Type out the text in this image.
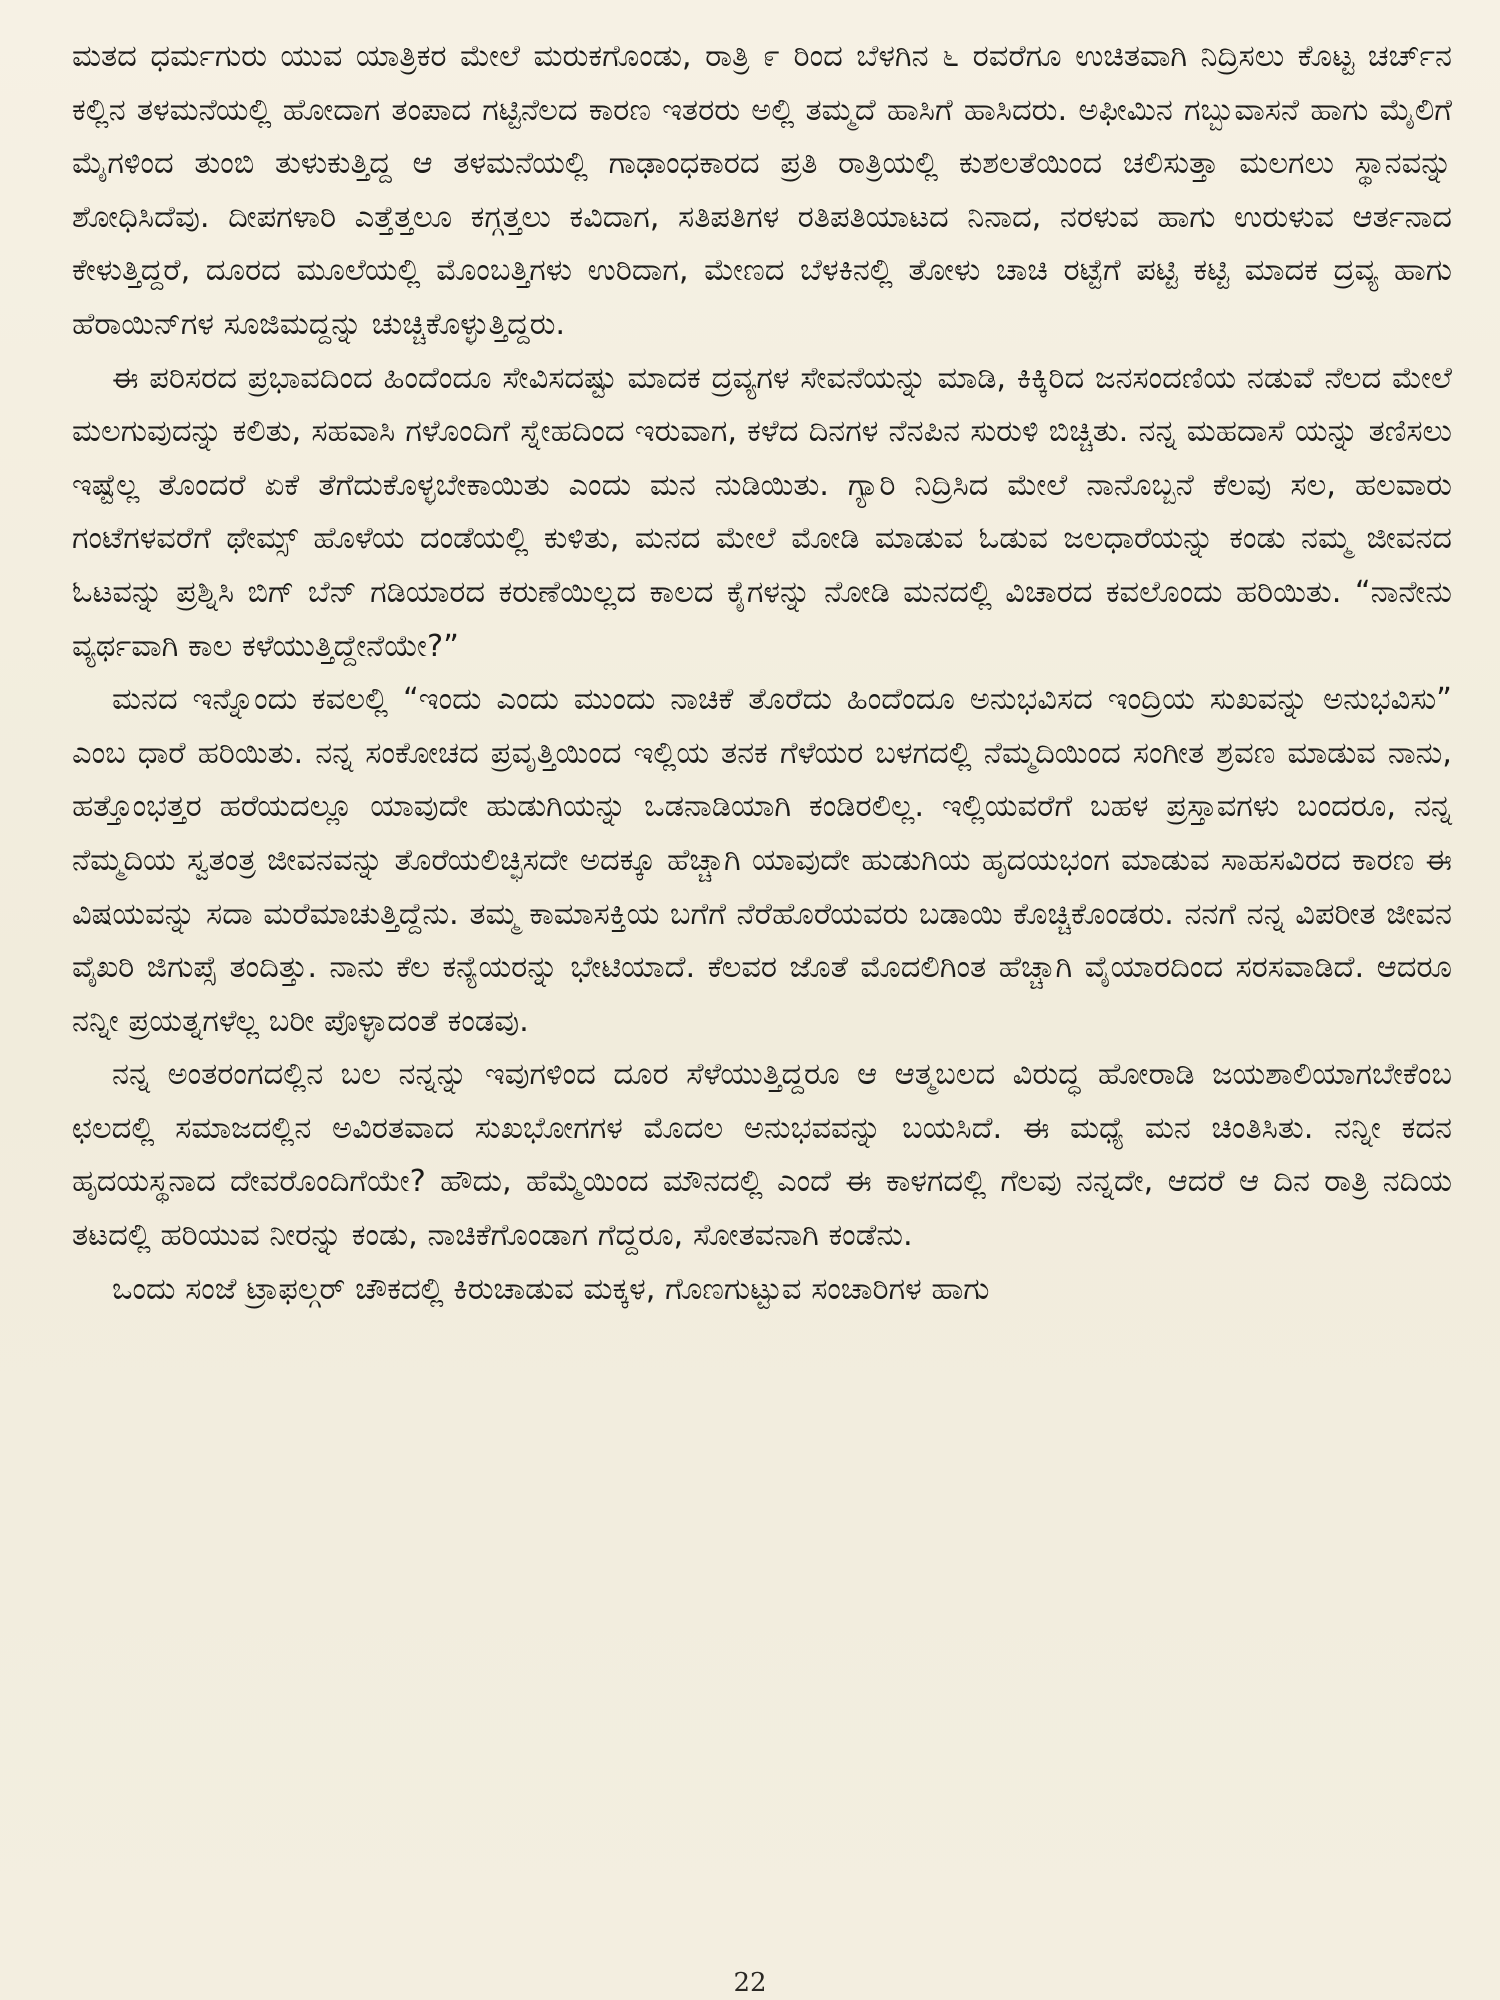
ಮತದ ಧರ್ಮಗುರು ಯುವ ಯಾತ್ರಿಕರ ಮೇಲೆ ಮರುಕಗೊಂಡು, ರಾತ್ರಿ ೯ ರಿಂದ ಬೆಳಗಿನ ೬ ರವರೆಗೂ ಉಚಿತವಾಗಿ ನಿದ್ರಿಸಲು ಕೊಟ್ಟ ಚರ್ಚ್‌ನ ಕಲ್ಲಿನ ತಳಮನೆಯಲ್ಲಿ ಹೋದಾಗ ತಂಪಾದ ಗಟ್ಟಿನೆಲದ ಕಾರಣ ಇತರರು ಅಲ್ಲಿ ತಮ್ಮದೆ ಹಾಸಿಗೆ ಹಾಸಿದರು. ಅಫೀಮಿನ ಗಬ್ಬುವಾಸನೆ ಹಾಗು ಮೈಲಿಗೆ ಮೈಗಳಿಂದ ತುಂಬಿ ತುಳುಕುತ್ತಿದ್ದ ಆ ತಳಮನೆಯಲ್ಲಿ ಗಾಢಾಂಧಕಾರದ ಪ್ರತಿ ರಾತ್ರಿಯಲ್ಲಿ ಕುಶಲತೆಯಿಂದ ಚಲಿಸುತ್ತಾ ಮಲಗಲು ಸ್ಥಾನವನ್ನು ಶೋಧಿಸಿದೆವು. ದೀಪಗಳಾರಿ ಎತ್ತೆತ್ತಲೂ ಕಗ್ಗತ್ತಲು ಕವಿದಾಗ, ಸತಿಪತಿಗಳ ರತಿಪತಿಯಾಟದ ನಿನಾದ, ನರಳುವ ಹಾಗು ಉರುಳುವ ಆರ್ತನಾದ ಕೇಳುತ್ತಿದ್ದರೆ, ದೂರದ ಮೂಲೆಯಲ್ಲಿ ಮೊಂಬತ್ತಿಗಳು ಉರಿದಾಗ, ಮೇಣದ ಬೆಳಕಿನಲ್ಲಿ ತೋಳು ಚಾಚಿ ರಟ್ಟೆಗೆ ಪಟ್ಟಿ ಕಟ್ಟಿ ಮಾದಕ ದ್ರವ್ಯ ಹಾಗು ಹೆರಾಯಿನ್‌ಗಳ ಸೂಜಿಮದ್ದನ್ನು ಚುಚ್ಚಿಕೊಳ್ಳುತ್ತಿದ್ದರು.

ಈ ಪರಿಸರದ ಪ್ರಭಾವದಿಂದ ಹಿಂದೆಂದೂ ಸೇವಿಸದಷ್ಟು ಮಾದಕ ದ್ರವ್ಯಗಳ ಸೇವನೆಯನ್ನು ಮಾಡಿ, ಕಿಕ್ಕಿರಿದ ಜನಸಂದಣಿಯ ನಡುವೆ ನೆಲದ ಮೇಲೆ ಮಲಗುವುದನ್ನು ಕಲಿತು, ಸಹವಾಸಿ ಗಳೊಂದಿಗೆ ಸ್ನೇಹದಿಂದ ಇರುವಾಗ, ಕಳೆದ ದಿನಗಳ ನೆನಪಿನ ಸುರುಳಿ ಬಿಚ್ಚಿತು. ನನ್ನ ಮಹದಾಸೆ ಯನ್ನು ತಣಿಸಲು ಇಷ್ಟೆಲ್ಲ ತೊಂದರೆ ಏಕೆ ತೆಗೆದುಕೊಳ್ಳಬೇಕಾಯಿತು ಎಂದು ಮನ ನುಡಿಯಿತು. ಗ್ಯಾರಿ ನಿದ್ರಿಸಿದ ಮೇಲೆ ನಾನೊಬ್ಬನೆ ಕೆಲವು ಸಲ, ಹಲವಾರು ಗಂಟೆಗಳವರೆಗೆ ಥೇಮ್ಸ್ ಹೊಳೆಯ ದಂಡೆಯಲ್ಲಿ ಕುಳಿತು, ಮನದ ಮೇಲೆ ಮೋಡಿ ಮಾಡುವ ಓಡುವ ಜಲಧಾರೆಯನ್ನು ಕಂಡು ನಮ್ಮ ಜೀವನದ ಓಟವನ್ನು ಪ್ರಶ್ನಿಸಿ ಬಿಗ್ ಬೆನ್ ಗಡಿಯಾರದ ಕರುಣೆಯಿಲ್ಲದ ಕಾಲದ ಕೈಗಳನ್ನು ನೋಡಿ ಮನದಲ್ಲಿ ವಿಚಾರದ ಕವಲೊಂದು ಹರಿಯಿತು. “ನಾನೇನು ವ್ಯರ್ಥವಾಗಿ ಕಾಲ ಕಳೆಯುತ್ತಿದ್ದೇನೆಯೇ?”

ಮನದ ಇನ್ನೊಂದು ಕವಲಲ್ಲಿ “ಇಂದು ಎಂದು ಮುಂದು ನಾಚಿಕೆ ತೊರೆದು ಹಿಂದೆಂದೂ ಅನುಭವಿಸದ ಇಂದ್ರಿಯ ಸುಖವನ್ನು ಅನುಭವಿಸು” ಎಂಬ ಧಾರೆ ಹರಿಯಿತು. ನನ್ನ ಸಂಕೋಚದ ಪ್ರವೃತ್ತಿಯಿಂದ ಇಲ್ಲಿಯ ತನಕ ಗೆಳೆಯರ ಬಳಗದಲ್ಲಿ ನೆಮ್ಮದಿಯಿಂದ ಸಂಗೀತ ಶ್ರವಣ ಮಾಡುವ ನಾನು, ಹತ್ತೊಂಭತ್ತರ ಹರೆಯದಲ್ಲೂ ಯಾವುದೇ ಹುಡುಗಿಯನ್ನು ಒಡನಾಡಿಯಾಗಿ ಕಂಡಿರಲಿಲ್ಲ. ಇಲ್ಲಿಯವರೆಗೆ ಬಹಳ ಪ್ರಸ್ತಾವಗಳು ಬಂದರೂ, ನನ್ನ ನೆಮ್ಮದಿಯ ಸ್ವತಂತ್ರ ಜೀವನವನ್ನು ತೊರೆಯಲಿಚ್ಛಿಸದೇ ಅದಕ್ಕೂ ಹೆಚ್ಚಾಗಿ ಯಾವುದೇ ಹುಡುಗಿಯ ಹೃದಯಭಂಗ ಮಾಡುವ ಸಾಹಸವಿರದ ಕಾರಣ ಈ ವಿಷಯವನ್ನು ಸದಾ ಮರೆಮಾಚುತ್ತಿದ್ದೆನು. ತಮ್ಮ ಕಾಮಾಸಕ್ತಿಯ ಬಗೆಗೆ ನೆರೆಹೊರೆಯವರು ಬಡಾಯಿ ಕೊಚ್ಚಿಕೊಂಡರು. ನನಗೆ ನನ್ನ ವಿಪರೀತ ಜೀವನ ವೈಖರಿ ಜಿಗುಪ್ಸೆ ತಂದಿತ್ತು. ನಾನು ಕೆಲ ಕನ್ಯೆಯರನ್ನು ಭೇಟಿಯಾದೆ. ಕೆಲವರ ಜೊತೆ ಮೊದಲಿಗಿಂತ ಹೆಚ್ಚಾಗಿ ವೈಯಾರದಿಂದ ಸರಸವಾಡಿದೆ. ಆದರೂ ನನ್ನೀ ಪ್ರಯತ್ನಗಳೆಲ್ಲ ಬರೀ ಪೊಳ್ಳಾದಂತೆ ಕಂಡವು.

ನನ್ನ ಅಂತರಂಗದಲ್ಲಿನ ಬಲ ನನ್ನನ್ನು ಇವುಗಳಿಂದ ದೂರ ಸೆಳೆಯುತ್ತಿದ್ದರೂ ಆ ಆತ್ಮಬಲದ ವಿರುದ್ಧ ಹೋರಾಡಿ ಜಯಶಾಲಿಯಾಗಬೇಕೆಂಬ ಛಲದಲ್ಲಿ ಸಮಾಜದಲ್ಲಿನ ಅವಿರತವಾದ ಸುಖಭೋಗಗಳ ಮೊದಲ ಅನುಭವವನ್ನು ಬಯಸಿದೆ. ಈ ಮಧ್ಯೆ ಮನ ಚಿಂತಿಸಿತು. ನನ್ನೀ ಕದನ ಹೃದಯಸ್ಥನಾದ ದೇವರೊಂದಿಗೆಯೇ? ಹೌದು, ಹೆಮ್ಮೆಯಿಂದ ಮೌನದಲ್ಲಿ ಎಂದೆ ಈ ಕಾಳಗದಲ್ಲಿ ಗೆಲವು ನನ್ನದೇ, ಆದರೆ ಆ ದಿನ ರಾತ್ರಿ ನದಿಯ ತಟದಲ್ಲಿ ಹರಿಯುವ ನೀರನ್ನು ಕಂಡು, ನಾಚಿಕೆಗೊಂಡಾಗ ಗೆದ್ದರೂ, ಸೋತವನಾಗಿ ಕಂಡೆನು.

ಒಂದು ಸಂಜೆ ಟ್ರಾಫಲ್ಗರ್ ಚೌಕದಲ್ಲಿ ಕಿರುಚಾಡುವ ಮಕ್ಕಳ, ಗೊಣಗುಟ್ಟುವ ಸಂಚಾರಿಗಳ ಹಾಗು

22
